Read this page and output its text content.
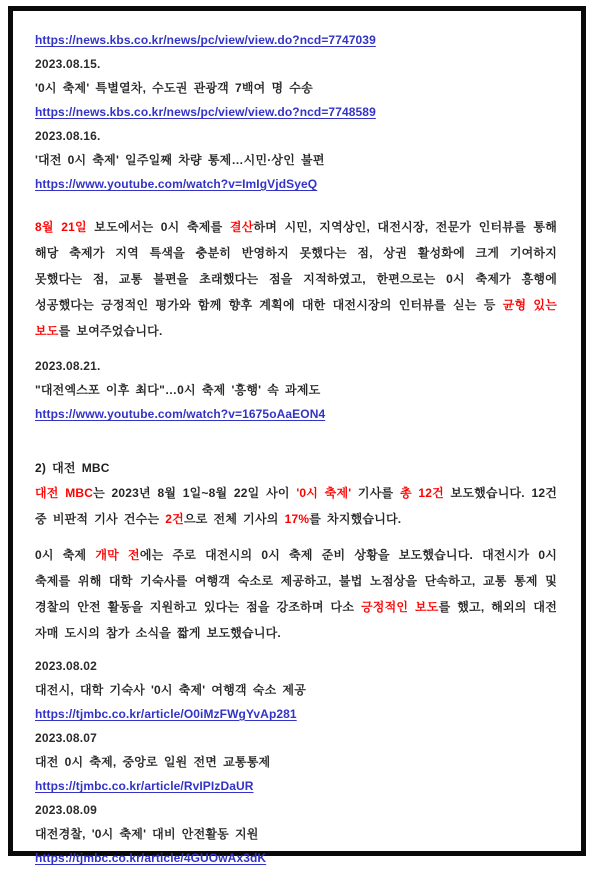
https://news.kbs.co.kr/news/pc/view/view.do?ncd=7747039
2023.08.15.
'0시 축제' 특별열차, 수도권 관광객 7백여 명 수송
https://news.kbs.co.kr/news/pc/view/view.do?ncd=7748589
2023.08.16.
'대전 0시 축제' 일주일째 차량 통제…시민·상인 불편
https://www.youtube.com/watch?v=ImIgVjdSyeQ
8월 21일 보도에서는 0시 축제를 결산하며 시민, 지역상인, 대전시장, 전문가 인터뷰를 통해 해당 축제가 지역 특색을 충분히 반영하지 못했다는 점, 상권 활성화에 크게 기여하지 못했다는 점, 교통 불편을 초래했다는 점을 지적하였고, 한편으로는 0시 축제가 흥행에 성공했다는 긍정적인 평가와 함께 향후 계획에 대한 대전시장의 인터뷰를 싣는 등 균형 있는 보도를 보여주었습니다.
2023.08.21.
"대전엑스포 이후 최다"…0시 축제 '흥행' 속 과제도
https://www.youtube.com/watch?v=1675oAaEON4
2) 대전 MBC
대전 MBC는 2023년 8월 1일~8월 22일 사이 '0시 축제' 기사를 총 12건 보도했습니다. 12건 중 비판적 기사 건수는 2건으로 전체 기사의 17%를 차지했습니다.
0시 축제 개막 전에는 주로 대전시의 0시 축제 준비 상황을 보도했습니다. 대전시가 0시 축제를 위해 대학 기숙사를 여행객 숙소로 제공하고, 불법 노점상을 단속하고, 교통 통제 및 경찰의 안전 활동을 지원하고 있다는 점을 강조하며 다소 긍정적인 보도를 했고, 해외의 대전 자매 도시의 참가 소식을 짧게 보도했습니다.
2023.08.02
대전시, 대학 기숙사 '0시 축제' 여행객 숙소 제공
https://tjmbc.co.kr/article/O0iMzFWgYvAp281
2023.08.07
대전 0시 축제, 중앙로 일원 전면 교통통제
https://tjmbc.co.kr/article/RvIPIzDaUR
2023.08.09
대전경찰, '0시 축제' 대비 안전활동 지원
https://tjmbc.co.kr/article/4GUOwAx3dK
